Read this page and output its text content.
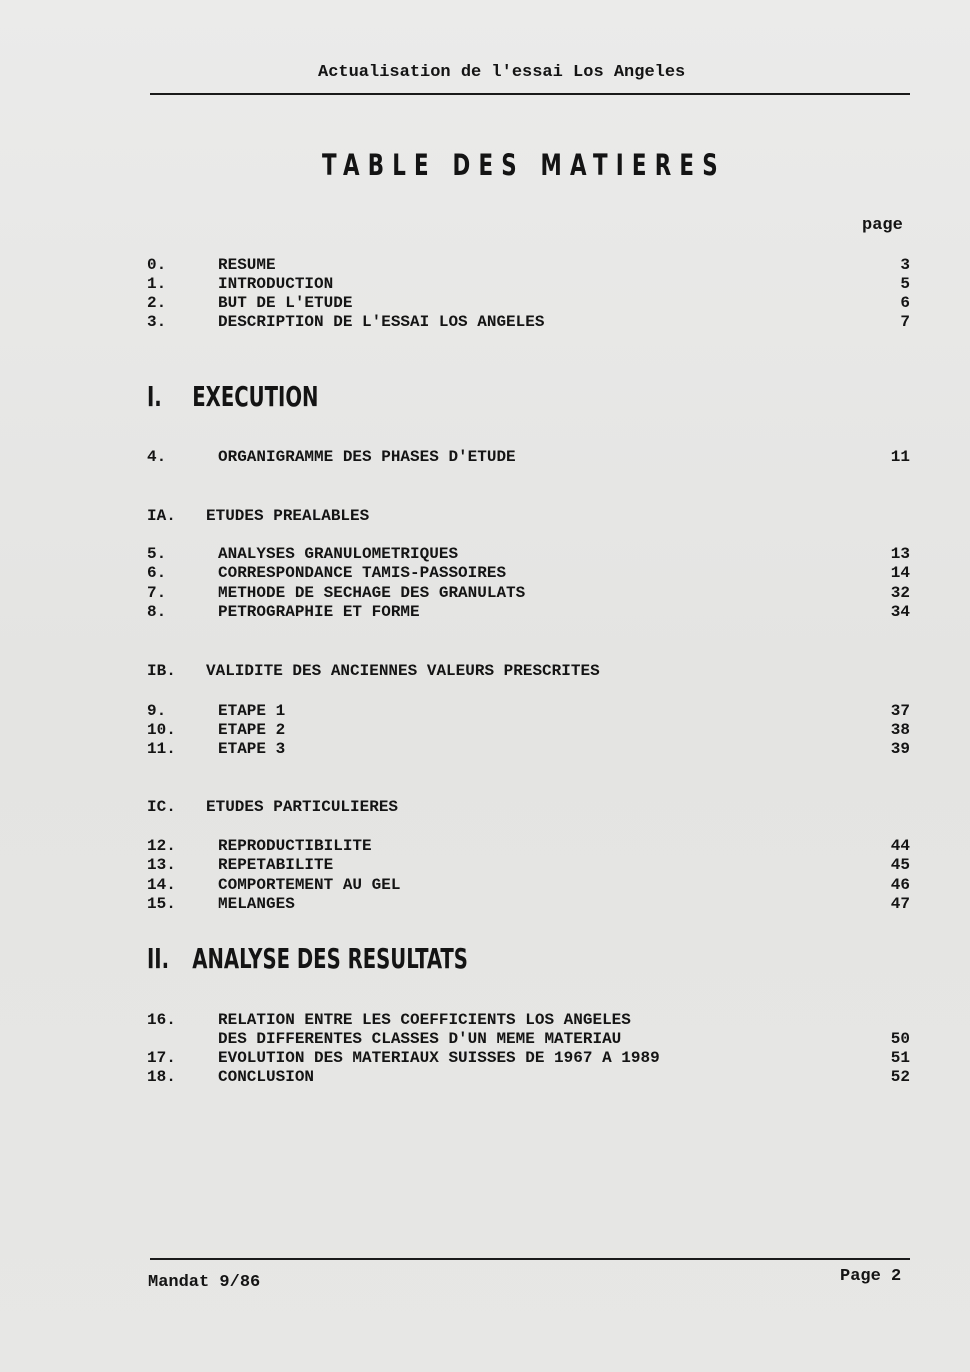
Actualisation de l'essai Los Angeles
TABLE DES MATIERES
page
0.	RESUME	3
1.	INTRODUCTION	5
2.	BUT DE L'ETUDE	6
3.	DESCRIPTION DE L'ESSAI LOS ANGELES	7
I. EXECUTION
4.	ORGANIGRAMME DES PHASES D'ETUDE	11
IA. ETUDES PREALABLES
5.	ANALYSES GRANULOMETRIQUES	13
6.	CORRESPONDANCE TAMIS-PASSOIRES	14
7.	METHODE DE SECHAGE DES GRANULATS	32
8.	PETROGRAPHIE ET FORME	34
IB. VALIDITE DES ANCIENNES VALEURS PRESCRITES
9.	ETAPE 1	37
10.	ETAPE 2	38
11.	ETAPE 3	39
IC. ETUDES PARTICULIERES
12.	REPRODUCTIBILITE	44
13.	REPETABILITE	45
14.	COMPORTEMENT AU GEL	46
15.	MELANGES	47
II. ANALYSE DES RESULTATS
16.	RELATION ENTRE LES COEFFICIENTS LOS ANGELES
DES DIFFERENTES CLASSES D'UN MEME MATERIAU	50
17.	EVOLUTION DES MATERIAUX SUISSES DE 1967 A 1989	51
18.	CONCLUSION	52
Mandat 9/86	Page 2
